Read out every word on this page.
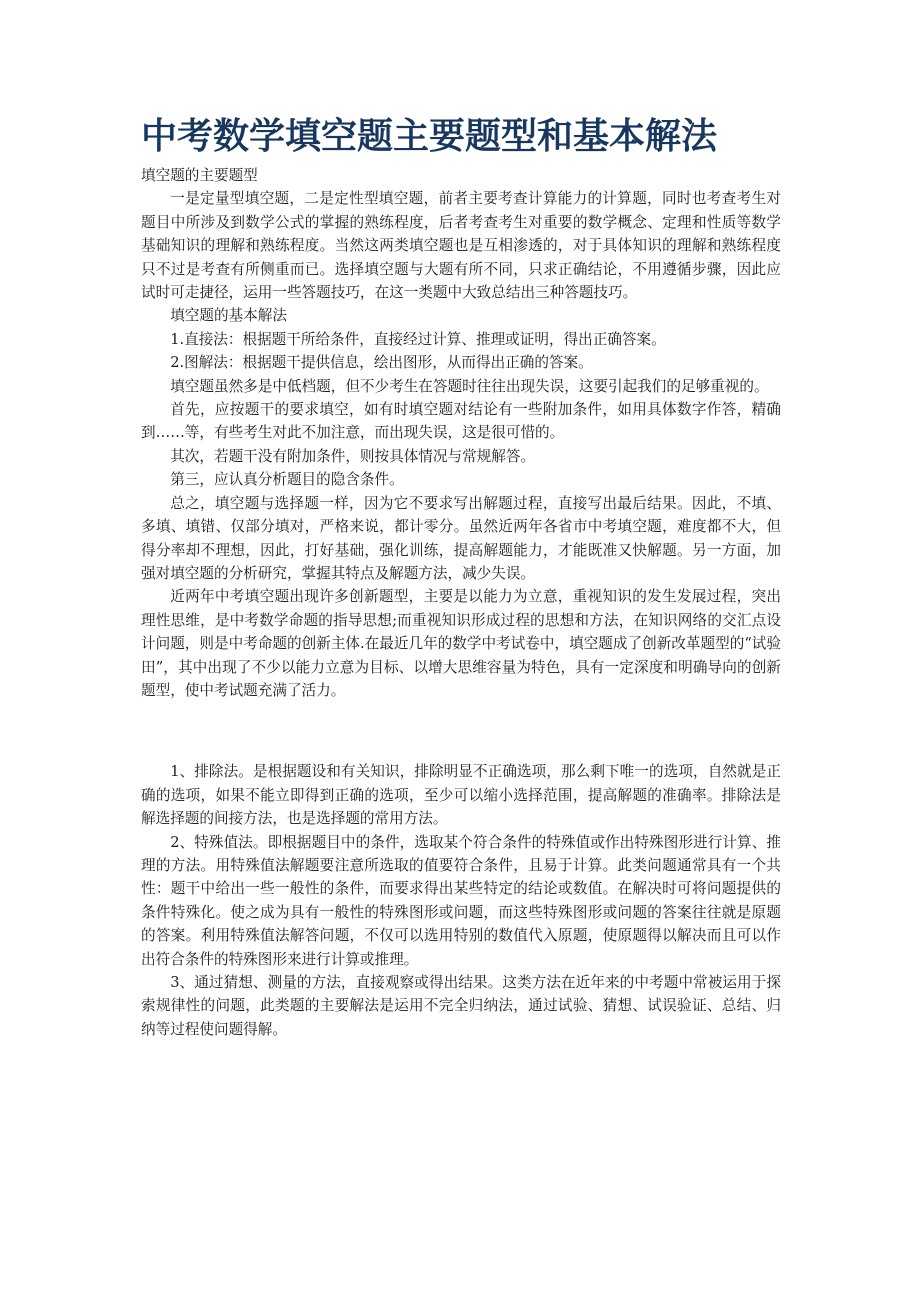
中考数学填空题主要题型和基本解法

填空题的主要题型

一是定量型填空题，二是定性型填空题，前者主要考查计算能力的计算题，同时也考查考生对题目中所涉及到数学公式的掌握的熟练程度，后者考查考生对重要的数学概念、定理和性质等数学基础知识的理解和熟练程度。当然这两类填空题也是互相渗透的，对于具体知识的理解和熟练程度只不过是考查有所侧重而已。选择填空题与大题有所不同，只求正确结论，不用遵循步骤，因此应试时可走捷径，运用一些答题技巧，在这一类题中大致总结出三种答题技巧。

填空题的基本解法

1.直接法：根据题干所给条件，直接经过计算、推理或证明，得出正确答案。

2.图解法：根据题干提供信息，绘出图形，从而得出正确的答案。

填空题虽然多是中低档题，但不少考生在答题时往往出现失误，这要引起我们的足够重视的。

首先，应按题干的要求填空，如有时填空题对结论有一些附加条件，如用具体数字作答，精确到……等，有些考生对此不加注意，而出现失误，这是很可惜的。

其次，若题干没有附加条件，则按具体情况与常规解答。

第三，应认真分析题目的隐含条件。

总之，填空题与选择题一样，因为它不要求写出解题过程，直接写出最后结果。因此，不填、多填、填错、仅部分填对，严格来说，都计零分。虽然近两年各省市中考填空题，难度都不大，但得分率却不理想，因此，打好基础，强化训练，提高解题能力，才能既准又快解题。另一方面，加强对填空题的分析研究，掌握其特点及解题方法，减少失误。

近两年中考填空题出现许多创新题型，主要是以能力为立意，重视知识的发生发展过程，突出理性思维，是中考数学命题的指导思想;而重视知识形成过程的思想和方法，在知识网络的交汇点设计问题，则是中考命题的创新主体.在最近几年的数学中考试卷中，填空题成了创新改革题型的“试验田”，其中出现了不少以能力立意为目标、以增大思维容量为特色，具有一定深度和明确导向的创新题型，使中考试题充满了活力。

1、排除法。是根据题设和有关知识，排除明显不正确选项，那么剩下唯一的选项，自然就是正确的选项，如果不能立即得到正确的选项，至少可以缩小选择范围，提高解题的准确率。排除法是解选择题的间接方法，也是选择题的常用方法。

2、特殊值法。即根据题目中的条件，选取某个符合条件的特殊值或作出特殊图形进行计算、推理的方法。用特殊值法解题要注意所选取的值要符合条件，且易于计算。此类问题通常具有一个共性：题干中给出一些一般性的条件，而要求得出某些特定的结论或数值。在解决时可将问题提供的条件特殊化。使之成为具有一般性的特殊图形或问题，而这些特殊图形或问题的答案往往就是原题的答案。利用特殊值法解答问题，不仅可以选用特别的数值代入原题，使原题得以解决而且可以作出符合条件的特殊图形来进行计算或推理。

3、通过猜想、测量的方法，直接观察或得出结果。这类方法在近年来的中考题中常被运用于探索规律性的问题，此类题的主要解法是运用不完全归纳法，通过试验、猜想、试误验证、总结、归纳等过程使问题得解。
